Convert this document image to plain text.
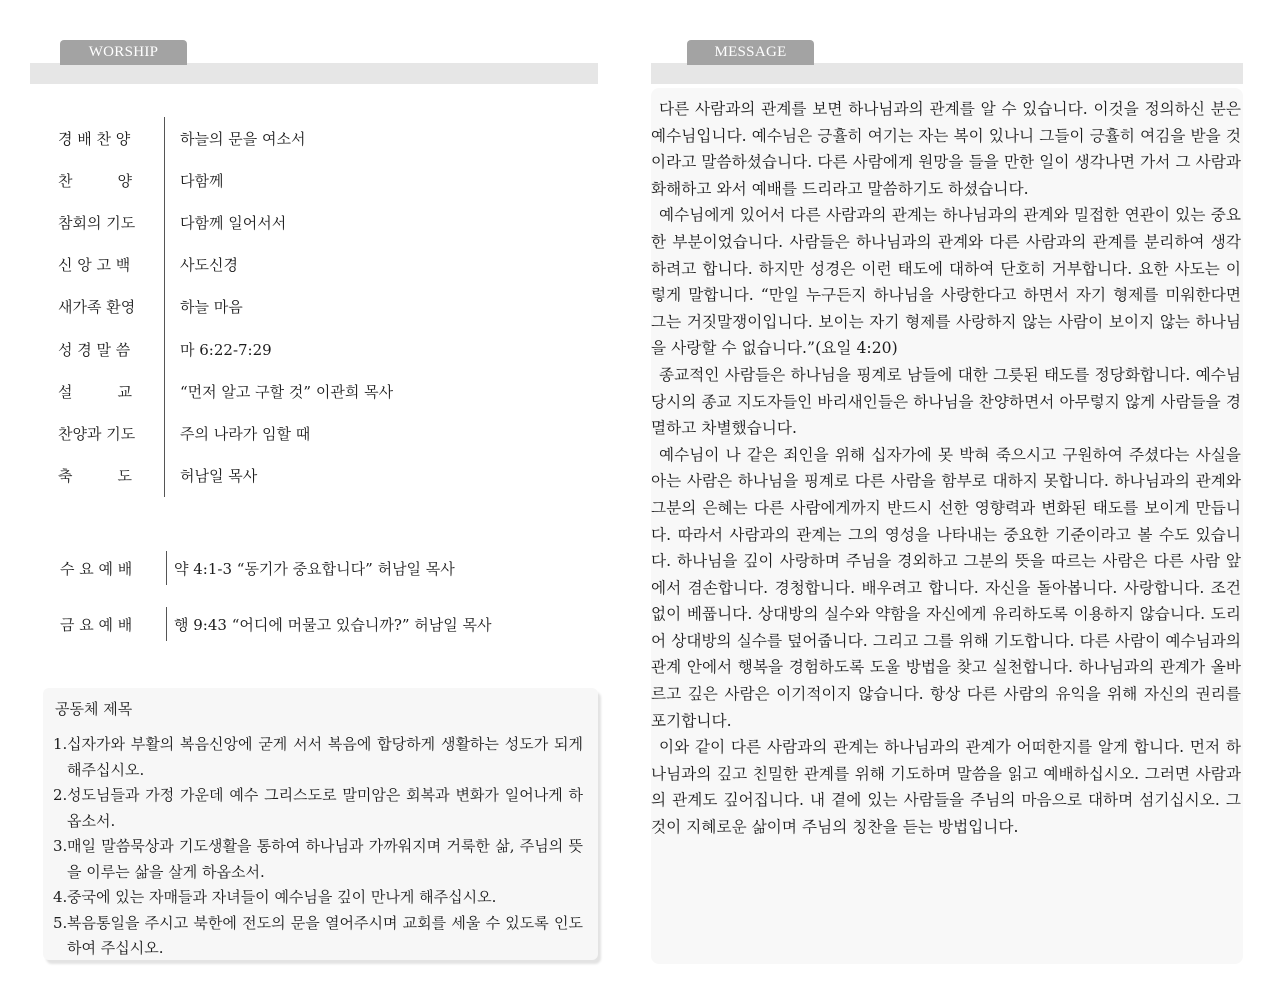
WORSHIP
경 배 찬 양	하늘의 문을 여소서
찬　　　양	다함께
참회의 기도	다함께 일어서서
신 앙 고 백	사도신경
새가족 환영	하늘 마음
성 경 말 씀	마 6:22-7:29
설　　　교	“먼저 알고 구할 것” 이관희 목사
찬양과 기도	주의 나라가 임할 때
축　　　도	허남일 목사
수 요 예 배	약 4:1-3 “동기가 중요합니다” 허남일 목사
금 요 예 배	행 9:43 “어디에 머물고 있습니까?” 허남일 목사
공동체 제목
1. 십자가와 부활의 복음신앙에 굳게 서서 복음에 합당하게 생활하는 성도가 되게 해주십시오.
2. 성도님들과 가정 가운데 예수 그리스도로 말미암은 회복과 변화가 일어나게 하옵소서.
3. 매일 말씀묵상과 기도생활을 통하여 하나님과 가까워지며 거룩한 삶, 주님의 뜻을 이루는 삶을 살게 하옵소서.
4. 중국에 있는 자매들과 자녀들이 예수님을 깊이 만나게 해주십시오.
5. 복음통일을 주시고 북한에 전도의 문을 열어주시며 교회를 세울 수 있도록 인도하여 주십시오.
MESSAGE

다른 사람과의 관계를 보면 하나님과의 관계를 알 수 있습니다. 이것을 정의하신 분은 예수님입니다. 예수님은 긍휼히 여기는 자는 복이 있나니 그들이 긍휼히 여김을 받을 것이라고 말씀하셨습니다. 다른 사람에게 원망을 들을 만한 일이 생각나면 가서 그 사람과 화해하고 와서 예배를 드리라고 말씀하기도 하셨습니다.

예수님에게 있어서 다른 사람과의 관계는 하나님과의 관계와 밀접한 연관이 있는 중요한 부분이었습니다. 사람들은 하나님과의 관계와 다른 사람과의 관계를 분리하여 생각하려고 합니다. 하지만 성경은 이런 태도에 대하여 단호히 거부합니다. 요한 사도는 이렇게 말합니다. “만일 누구든지 하나님을 사랑한다고 하면서 자기 형제를 미워한다면 그는 거짓말쟁이입니다. 보이는 자기 형제를 사랑하지 않는 사람이 보이지 않는 하나님을 사랑할 수 없습니다.”(요일 4:20)

종교적인 사람들은 하나님을 핑계로 남들에 대한 그릇된 태도를 정당화합니다. 예수님 당시의 종교 지도자들인 바리새인들은 하나님을 찬양하면서 아무렇지 않게 사람들을 경멸하고 차별했습니다.

예수님이 나 같은 죄인을 위해 십자가에 못 박혀 죽으시고 구원하여 주셨다는 사실을 아는 사람은 하나님을 핑계로 다른 사람을 함부로 대하지 못합니다. 하나님과의 관계와 그분의 은혜는 다른 사람에게까지 반드시 선한 영향력과 변화된 태도를 보이게 만듭니다. 따라서 사람과의 관계는 그의 영성을 나타내는 중요한 기준이라고 볼 수도 있습니다. 하나님을 깊이 사랑하며 주님을 경외하고 그분의 뜻을 따르는 사람은 다른 사람 앞에서 겸손합니다. 경청합니다. 배우려고 합니다. 자신을 돌아봅니다. 사랑합니다. 조건없이 베풉니다. 상대방의 실수와 약함을 자신에게 유리하도록 이용하지 않습니다. 도리어 상대방의 실수를 덮어줍니다. 그리고 그를 위해 기도합니다. 다른 사람이 예수님과의 관계 안에서 행복을 경험하도록 도울 방법을 찾고 실천합니다. 하나님과의 관계가 올바르고 깊은 사람은 이기적이지 않습니다. 항상 다른 사람의 유익을 위해 자신의 권리를 포기합니다.

이와 같이 다른 사람과의 관계는 하나님과의 관계가 어떠한지를 알게 합니다. 먼저 하나님과의 깊고 친밀한 관계를 위해 기도하며 말씀을 읽고 예배하십시오. 그러면 사람과의 관계도 깊어집니다. 내 곁에 있는 사람들을 주님의 마음으로 대하며 섬기십시오. 그것이 지혜로운 삶이며 주님의 칭찬을 듣는 방법입니다.
